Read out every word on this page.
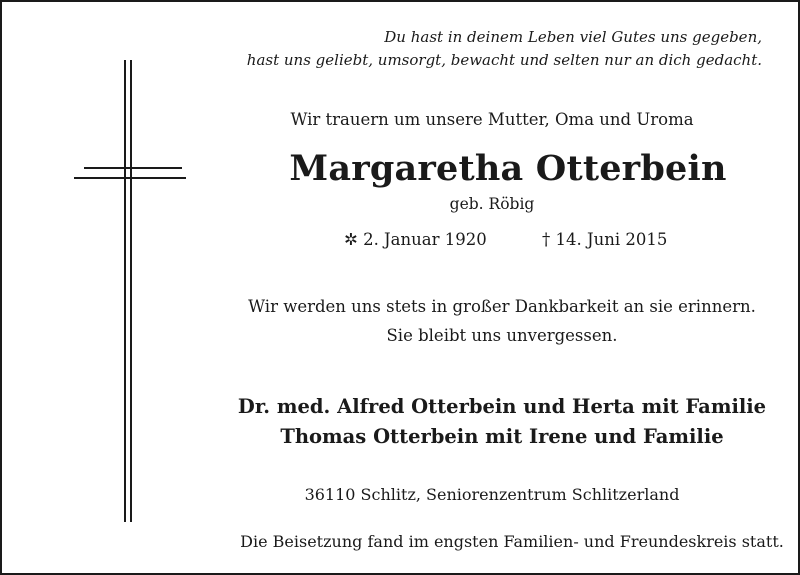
Du hast in deinem Leben viel Gutes uns gegeben,
hast uns geliebt, umsorgt, bewacht und selten nur an dich gedacht.
Wir trauern um unsere Mutter, Oma und Uroma
Margaretha Otterbein
geb. Röbig
✲ 2. Januar 1920	† 14. Juni 2015
Wir werden uns stets in großer Dankbarkeit an sie erinnern.
Sie bleibt uns unvergessen.
Dr. med. Alfred Otterbein und Herta mit Familie
Thomas Otterbein mit Irene und Familie
36110 Schlitz, Seniorenzentrum Schlitzerland
Die Beisetzung fand im engsten Familien- und Freundeskreis statt.
